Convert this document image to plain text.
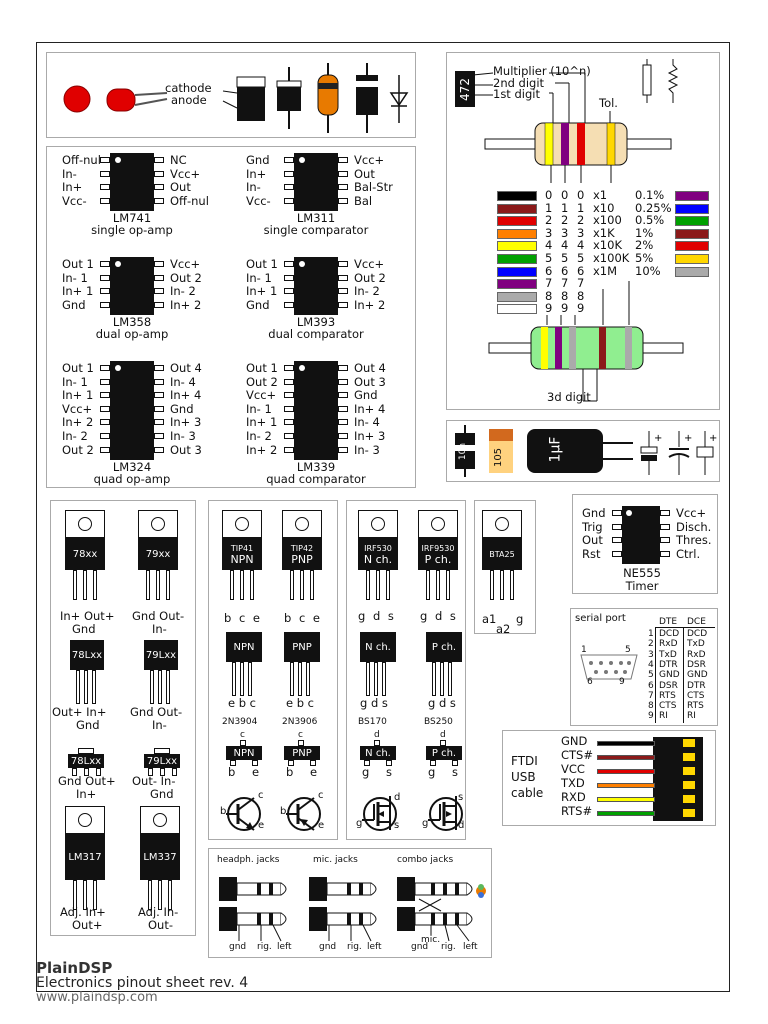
cathode
anode
Off-nul	NC
In-	Vcc+
In+	Out
Vcc-	Off-nul
LM741
single op-amp
Gnd	Vcc+
In+	Out
In-	Bal-Str
Vcc-	Bal
LM311
single comparator
Out 1	Vcc+
In- 1	Out 2
In+ 1	In- 2
Gnd	In+ 2
LM358
dual op-amp
Out 1	Vcc+
In- 1	Out 2
In+ 1	In- 2
Gnd	In+ 2
LM393
dual comparator
Out 1	Out 4
In- 1	In- 4
In+ 1	In+ 4
Vcc+	Gnd
In+ 2	In+ 3
In- 2	In- 3
Out 2	Out 3
LM324
quad op-amp
Out 1	Out 4
Out 2	Out 3
Vcc+	Gnd
In- 1	In+ 4
In+ 1	In- 4
In- 2	In+ 3
In+ 2	In- 3
LM339
quad comparator
472
Multiplier (10^n)
2nd digit
1st digit
Tol.
3d digit
0 0 0 x1 0.1%
1 1 1 x10 0.25%
2 2 2 x100 0.5%
3 3 3 x1K 1%
4 4 4 x10K 2%
5 5 5 x100K 5%
6 6 6 x1M 10%
7 7 7
8 8 8
9 9 9
+ + +
10n 105	1µF
78xx	79xx
In+ Out+
Gnd
Gnd Out-
In-
78Lxx	79Lxx
Out+ In+
Gnd
Gnd Out-
In-
78Lxx	79Lxx
Gnd Out+
In+
Out- In-
Gnd
LM317	LM337
Adj. In+
Out+
Adj. In-
Out-
TIP41
NPN
TIP42
PNP
IRF530
N ch.
IRF9530
P ch.	BTA25
b c e b c e	g d s g d s a1 g
a2
NPN	PNP	N ch.	P ch.
e b c	e b c	g d s	g d s
2N3904	2N3906	BS170	BS250
c
NPN
b e
c
PNP
b e
d
N ch.
g s
d
P ch.
g s
b
c
e
b
c
e	g
d
s g
s
d
Gnd	Vcc+
Trig	Disch.
Out	Thres.
Rst	Ctrl.
NE555
Timer
serial port	DTE DCE
1	5
6	9
1 DCD DCD
2 RxD TxD
3 TxD RxD
4 DTR DSR
5 GND GND
6 DSR DTR
7 RTS CTS
8 CTS RTS
9 RI RI
FTDI
USB
cable
GND
CTS#
VCC
TXD
RXD
RTS#
headph. jacks	mic. jacks	combo jacks
gnd rig. left	gnd rig. left	gnd
mic.
rig. left
PlainDSP
Electronics pinout sheet rev. 4
www.plaindsp.com
